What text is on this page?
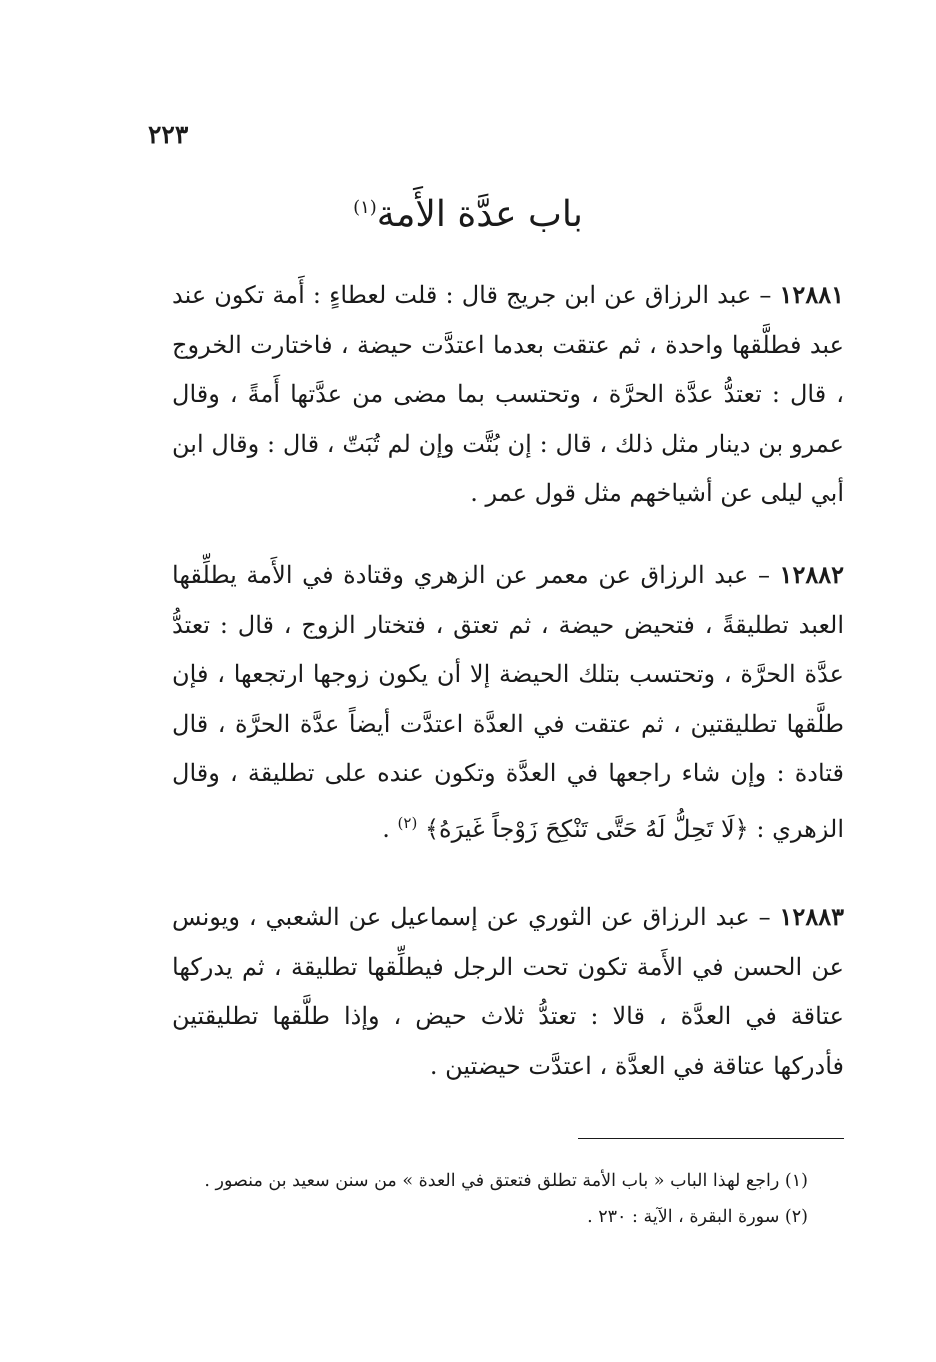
٢٢٣
باب عدَّة الأَمة$^{(١)}$

١٢٨٨١ – عبد الرزاق عن ابن جريج قال : قلت لعطاءٍ : أَمة تكون عند عبد فطلَّقها واحدة ، ثم عتقت بعدما اعتدَّت حيضة ، فاختارت الخروج ، قال : تعتدُّ عدَّة الحرَّة ، وتحتسب بما مضى من عدَّتها أَمةً ، وقال عمرو بن دينار مثل ذلك ، قال : إن بُتَّت وإن لم تُبَتّ ، قال : وقال ابن أبي ليلى عن أشياخهم مثل قول عمر .

١٢٨٨٢ – عبد الرزاق عن معمر عن الزهري وقتادة في الأَمة يطلِّقها العبد تطليقةً ، فتحيض حيضة ، ثم تعتق ، فتختار الزوج ، قال : تعتدُّ عدَّة الحرَّة ، وتحتسب بتلك الحيضة إلا أن يكون زوجها ارتجعها ، فإن طلَّقها تطليقتين ، ثم عتقت في العدَّة اعتدَّت أيضاً عدَّة الحرَّة ، قال قتادة : وإن شاء راجعها في العدَّة وتكون عنده على تطليقة ، وقال الزهري : ﴿لَا تَحِلُّ لَهُ حَتَّى تَنْكِحَ زَوْجاً غَيرَهُ﴾ $^{(٢)}$ .

١٢٨٨٣ – عبد الرزاق عن الثوري عن إسماعيل عن الشعبي ، ويونس عن الحسن في الأَمة تكون تحت الرجل فيطلِّقها تطليقة ، ثم يدركها عتاقة في العدَّة ، قالا : تعتدُّ ثلاث حيض ، وإذا طلَّقها تطليقتين فأدركها عتاقة في العدَّة ، اعتدَّت حيضتين .

(١) راجع لهذا الباب « باب الأمة تطلق فتعتق في العدة » من سنن سعيد بن منصور .
(٢) سورة البقرة ، الآية : ٢٣٠ .
